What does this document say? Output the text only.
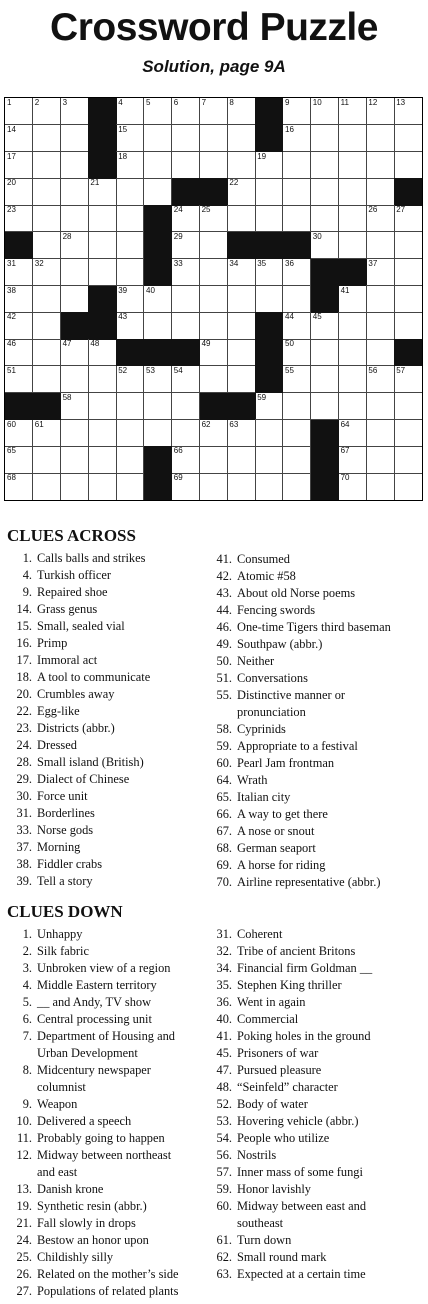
Crossword Puzzle
Solution, page 9A
1	2	3	4	5	6	7	8	9	10 11 12 13
14	15	16
17	18	19
20	21	22
23	24 25	26 27
28	29	30
31 32	33	34 35 36	37
38	39 40	41
42	43	44 45
46	47 48	49	50
51	52 53 54	55	56 57
58	59
60 61	62 63	64
65	66	67
68	69	70
CLUES ACROSS
1. Calls balls and strikes
4. Turkish officer
9. Repaired shoe
14. Grass genus
15. Small, sealed vial
16. Primp
17. Immoral act
18. A tool to communicate
20. Crumbles away
22. Egg-like
23. Districts (abbr.)
24. Dressed
28. Small island (British)
29. Dialect of Chinese
30. Force unit
31. Borderlines
33. Norse gods
37. Morning
38. Fiddler crabs
39. Tell a story
41. Consumed
42. Atomic #58
43. About old Norse poems
44. Fencing swords
46. One-time Tigers third baseman
49. Southpaw (abbr.)
50. Neither
51. Conversations
55. Distinctive manner or
pronunciation
58. Cyprinids
59. Appropriate to a festival
60. Pearl Jam frontman
64. Wrath
65. Italian city
66. A way to get there
67. A nose or snout
68. German seaport
69. A horse for riding
70. Airline representative (abbr.)
CLUES DOWN
1. Unhappy
2. Silk fabric
3. Unbroken view of a region
4. Middle Eastern territory
5. __ and Andy, TV show
6. Central processing unit
7. Department of Housing and
Urban Development
8. Midcentury newspaper
columnist
9. Weapon
10. Delivered a speech
11. Probably going to happen
12. Midway between northeast
and east
13. Danish krone
19. Synthetic resin (abbr.)
21. Fall slowly in drops
24. Bestow an honor upon
25. Childishly silly
26. Related on the mother’s side
27. Populations of related plants
31. Coherent
32. Tribe of ancient Britons
34. Financial firm Goldman __
35. Stephen King thriller
36. Went in again
40. Commercial
41. Poking holes in the ground
45. Prisoners of war
47. Pursued pleasure
48. “Seinfeld” character
52. Body of water
53. Hovering vehicle (abbr.)
54. People who utilize
56. Nostrils
57. Inner mass of some fungi
59. Honor lavishly
60. Midway between east and
southeast
61. Turn down
62. Small round mark
63. Expected at a certain time
